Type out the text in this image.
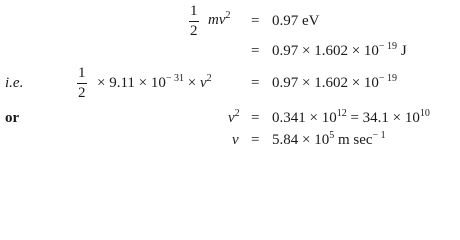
1
2
$mv^2 = 0.97$ eV
= $0.97 \times 1.602 \times 10^{- 19}$ J
i.e.
1
2
× $9.11 \times 10^{- 31} \times v^2$	= $0.97 \times 1.602 \times 10^{- 19}$
or	$v^2 = 0.341 \times 10^{12} = 34.1 \times 10^{10}$
$v = 5.84 \times 10^5$ m $\sec^{- 1}$
